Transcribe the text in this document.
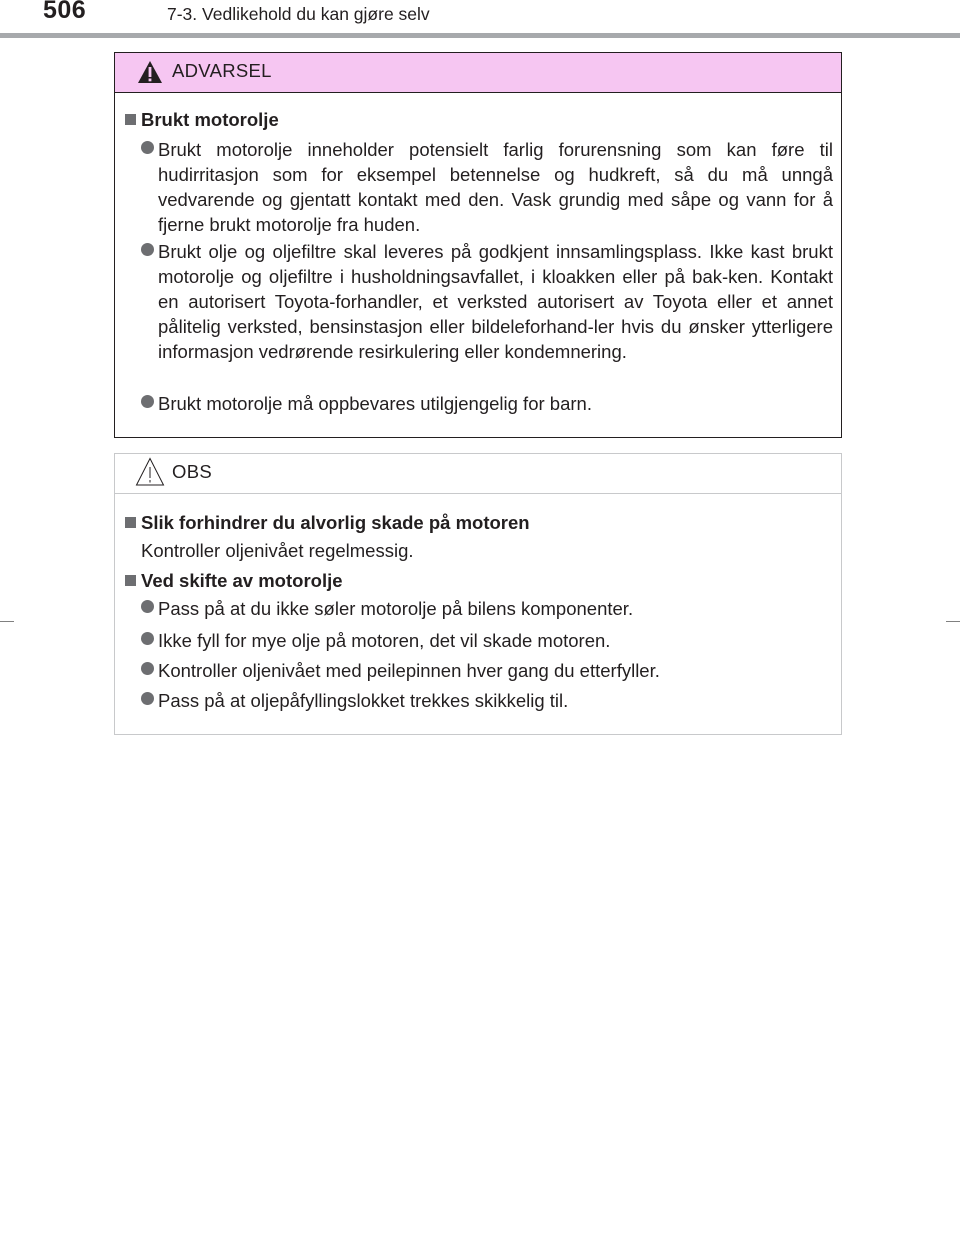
506	7-3. Vedlikehold du kan gjøre selv
ADVARSEL
Brukt motorolje
Brukt motorolje inneholder potensielt farlig forurensning som kan føre til hudirritasjon som for eksempel betennelse og hudkreft, så du må unngå vedvarende og gjentatt kontakt med den. Vask grundig med såpe og vann for å fjerne brukt motorolje fra huden.
Brukt olje og oljefiltre skal leveres på godkjent innsamlingsplass. Ikke kast brukt motorolje og oljefiltre i husholdningsavfallet, i kloakken eller på bak-ken. Kontakt en autorisert Toyota-forhandler, et verksted autorisert av Toyota eller et annet pålitelig verksted, bensinstasjon eller bildeleforhand-ler hvis du ønsker ytterligere informasjon vedrørende resirkulering eller kondemnering.
Brukt motorolje må oppbevares utilgjengelig for barn.
OBS
Slik forhindrer du alvorlig skade på motoren
Kontroller oljenivået regelmessig.
Ved skifte av motorolje
Pass på at du ikke søler motorolje på bilens komponenter.
Ikke fyll for mye olje på motoren, det vil skade motoren.
Kontroller oljenivået med peilepinnen hver gang du etterfyller.
Pass på at oljepåfyllingslokket trekkes skikkelig til.
